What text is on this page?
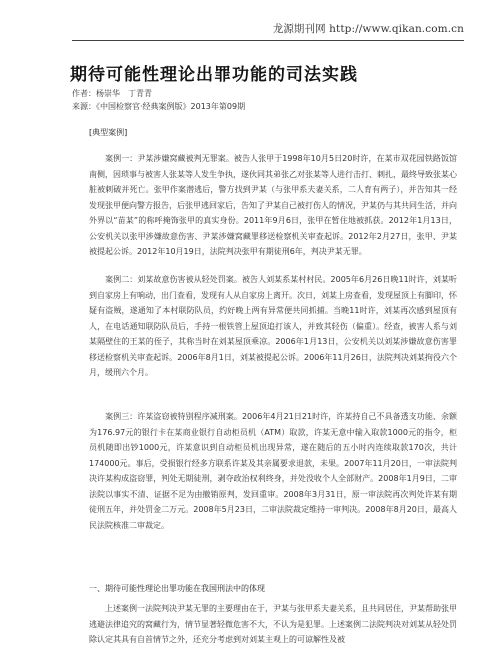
龙源期刊网 http://www.qikan.com.cn
期待可能性理论出罪功能的司法实践
作者：杨崇华　丁青青
来源：《中国检察官·经典案例版》2013年第09期
[典型案例]
　　案例一：尹某涉嫌窝藏被判无罪案。被告人张甲于1998年10月5日20时许，在某市双花园铁路饭馆南侧，因琐事与被害人张某等人发生争执，遂伙同其弟张乙对张某等人进行击打、刺扎，最终导致张某心脏被刺破并死亡。张甲作案潜逃后，警方找到尹某（与张甲系夫妻关系，二人育有两子），并告知其一经发现张甲便向警方报告，后张甲逃回家后，告知了尹某自己被打伤人的情况，尹某仍与其共同生活，并向外界以“苗某”的称呼掩饰张甲的真实身份。2011年9月6日，张甲在暂住地被抓获。2012年1月13日，公安机关以张甲涉嫌故意伤害、尹某涉嫌窝藏罪移送检察机关审查起诉。2012年2月27日，张甲、尹某被提起公诉。2012年10月19日，法院判决张甲有期徒刑6年，判决尹某无罪。
　　案例二：刘某故意伤害被从轻处罚案。被告人刘某系某村村民。2005年6月26日晚11时许，刘某听到自家房上有响动，出门查看，发现有人从自家房上离开。次日，刘某上房查看，发现屋顶上有脚印，怀疑有盗贼，遂通知了本村联防队员，约好晚上两有异常便共同抓捕。当晚11时许，刘某再次感到屋顶有人，在电话通知联防队员后，手持一根铁管上屋顶追打该人，并致其轻伤（偏重）。经查，被害人系与刘某隔壁住的王某的侄子，其称当时在刘某屋顶乘凉。2006年1月13日，公安机关以刘某涉嫌故意伤害罪移送检察机关审查起诉。2006年8月1日，刘某被提起公诉。2006年11月26日，法院判决刘某拘役六个月，缓刑六个月。
　　案例三：许某盗窃被特别程序减刑案。2006年4月21日21时许，许某持自己不具备透支功能、余额为176.97元的银行卡在某商业银行自动柜员机（ATM）取款，许某无意中输入取款1000元的指令，柜员机随即出钞1000元，许某意识到自动柜员机出现异常，遂在随后的五小时内连续取款170次，共计174000元。事后，受损银行经多方联系许某及其亲属要求退款，未果。2007年11月20日，一审法院判决许某构成盗窃罪，判处无期徒刑，剥夺政治权利终身，并处没收个人全部财产。2008年1月9日，二审法院以事实不清、证据不足为由撤销原判，发回重审。2008年3月31日，原一审法院再次判处许某有期徒刑五年，并处罚金二万元。2008年5月23日，二审法院裁定维持一审判决。2008年8月20日，最高人民法院核准二审裁定。
一、期待可能性理论出罪功能在我国刑法中的体现
　　上述案例一法院判决尹某无罪的主要理由在于，尹某与张甲系夫妻关系，且共同居住，尹某帮助张甲逃避法律追究的窝藏行为，情节显著轻微危害不大，不认为是犯罪。上述案例二法院判决对刘某从轻处罚除认定其具有自首情节之外，还充分考虑到对刘某主观上的可谅解性及被
